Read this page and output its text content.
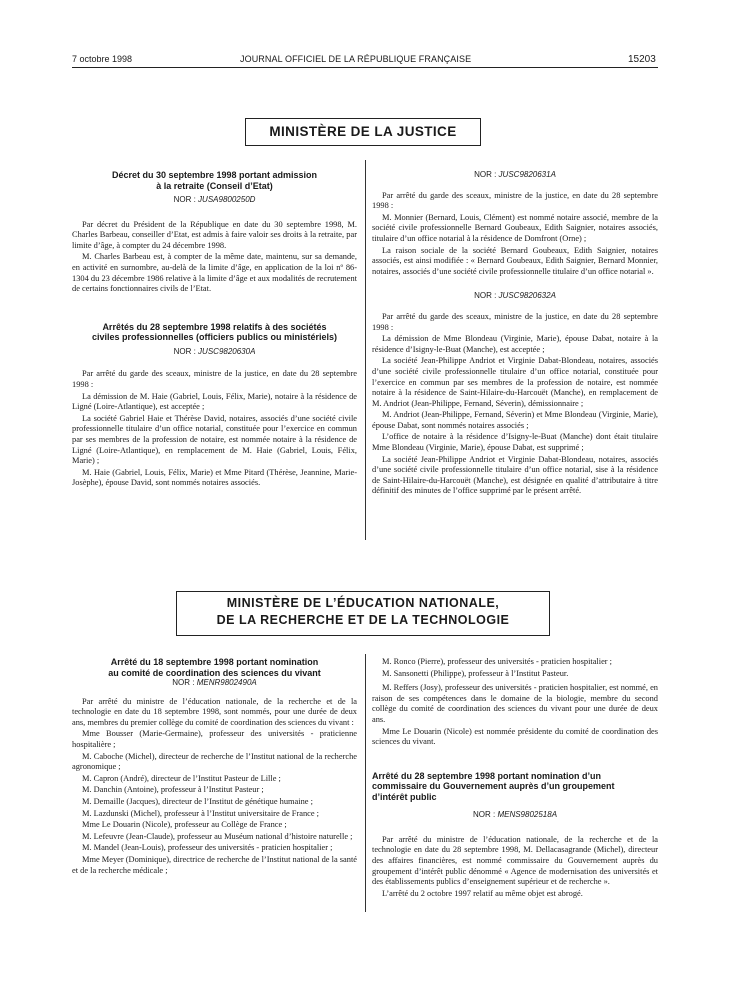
7 octobre 1998	JOURNAL OFFICIEL DE LA RÉPUBLIQUE FRANÇAISE	15203
MINISTÈRE DE LA JUSTICE
Décret du 30 septembre 1998 portant admission
à la retraite (Conseil d’Etat)
NOR : JUSA9800250D

Par décret du Président de la République en date du 30 septembre 1998, M. Charles Barbeau, conseiller d’Etat, est admis à faire valoir ses droits à la retraite, par limite d’âge, à compter du 24 décembre 1998.

M. Charles Barbeau est, à compter de la même date, maintenu, sur sa demande, en activité en surnombre, au-delà de la limite d’âge, en application de la loi nº 86-1304 du 23 décembre 1986 relative à la limite d’âge et aux modalités de recrutement de certains fonctionnaires civils de l’Etat.

Arrêtés du 28 septembre 1998 relatifs à des sociétés
civiles professionnelles (officiers publics ou ministériels)
NOR : JUSC9820630A

Par arrêté du garde des sceaux, ministre de la justice, en date du 28 septembre 1998 :

La démission de M. Haie (Gabriel, Louis, Félix, Marie), notaire à la résidence de Ligné (Loire-Atlantique), est acceptée ;

La société Gabriel Haie et Thérèse David, notaires, associés d’une société civile professionnelle titulaire d’un office notarial, constituée pour l’exercice en commun par ses membres de la profession de notaire, est nommée notaire à la résidence de Ligné (Loire-Atlantique), en remplacement de M. Haie (Gabriel, Louis, Félix, Marie) ;

M. Haie (Gabriel, Louis, Félix, Marie) et Mme Pitard (Thérèse, Jeannine, Marie-Josèphe), épouse David, sont nommés notaires associés.

NOR : JUSC9820631A

Par arrêté du garde des sceaux, ministre de la justice, en date du 28 septembre 1998 :

M. Monnier (Bernard, Louis, Clément) est nommé notaire associé, membre de la société civile professionnelle Bernard Goubeaux, Edith Saignier, notaires associés, titulaire d’un office notarial à la résidence de Domfront (Orne) ;

La raison sociale de la société Bernard Goubeaux, Edith Saignier, notaires associés, est ainsi modifiée : « Bernard Goubeaux, Edith Saignier, Bernard Monnier, notaires, associés d’une société civile professionnelle titulaire d’un office notarial ».

NOR : JUSC9820632A

Par arrêté du garde des sceaux, ministre de la justice, en date du 28 septembre 1998 :

La démission de Mme Blondeau (Virginie, Marie), épouse Dabat, notaire à la résidence d’Isigny-le-Buat (Manche), est acceptée ;

La société Jean-Philippe Andriot et Virginie Dabat-Blondeau, notaires, associés d’une société civile professionnelle titulaire d’un office notarial, constituée pour l’exercice en commun par ses membres de la profession de notaire, est nommée notaire à la résidence de Saint-Hilaire-du-Harcouët (Manche), en remplacement de M. Andriot (Jean-Philippe, Fernand, Séverin), démissionnaire ;

M. Andriot (Jean-Philippe, Fernand, Séverin) et Mme Blondeau (Virginie, Marie), épouse Dabat, sont nommés notaires associés ;

L’office de notaire à la résidence d’Isigny-le-Buat (Manche) dont était titulaire Mme Blondeau (Virginie, Marie), épouse Dabat, est supprimé ;

La société Jean-Philippe Andriot et Virginie Dabat-Blondeau, notaires, associés d’une société civile professionnelle titulaire d’un office notarial, sise à la résidence de Saint-Hilaire-du-Harcouët (Manche), est désignée en qualité d’attributaire à titre définitif des minutes de l’office supprimé par le présent arrêté.

MINISTÈRE DE L’ÉDUCATION NATIONALE,
DE LA RECHERCHE ET DE LA TECHNOLOGIE
Arrêté du 18 septembre 1998 portant nomination
au comité de coordination des sciences du vivant
NOR : MENR9802490A

Par arrêté du ministre de l’éducation nationale, de la recherche et de la technologie en date du 18 septembre 1998, sont nommés, pour une durée de deux ans, membres du premier collège du comité de coordination des sciences du vivant :

Mme Bousser (Marie-Germaine), professeur des universités - praticienne hospitalière ;

M. Caboche (Michel), directeur de recherche de l’Institut national de la recherche agronomique ;

M. Capron (André), directeur de l’Institut Pasteur de Lille ;

M. Danchin (Antoine), professeur à l’Institut Pasteur ;

M. Demaille (Jacques), directeur de l’Institut de génétique humaine ;

M. Lazdunski (Michel), professeur à l’Institut universitaire de France ;

Mme Le Douarin (Nicole), professeur au Collège de France ;

M. Lefeuvre (Jean-Claude), professeur au Muséum national d’histoire naturelle ;

M. Mandel (Jean-Louis), professeur des universités - praticien hospitalier ;

Mme Meyer (Dominique), directrice de recherche de l’Institut national de la santé et de la recherche médicale ;

M. Ronco (Pierre), professeur des universités - praticien hospitalier ;

M. Sansonetti (Philippe), professeur à l’Institut Pasteur.

M. Reffers (Josy), professeur des universités - praticien hospitalier, est nommé, en raison de ses compétences dans le domaine de la biologie, membre du second collège du comité de coordination des sciences du vivant pour une durée de deux ans.

Mme Le Douarin (Nicole) est nommée présidente du comité de coordination des sciences du vivant.

Arrêté du 28 septembre 1998 portant nomination d’un
commissaire du Gouvernement auprès d’un groupement
d’intérêt public
NOR : MENS9802518A

Par arrêté du ministre de l’éducation nationale, de la recherche et de la technologie en date du 28 septembre 1998, M. Dellacasagrande (Michel), directeur des affaires financières, est nommé commissaire du Gouvernement auprès du groupement d’intérêt public dénommé « Agence de modernisation des universités et des établissements publics d’enseignement supérieur et de recherche ».

L’arrêté du 2 octobre 1997 relatif au même objet est abrogé.
